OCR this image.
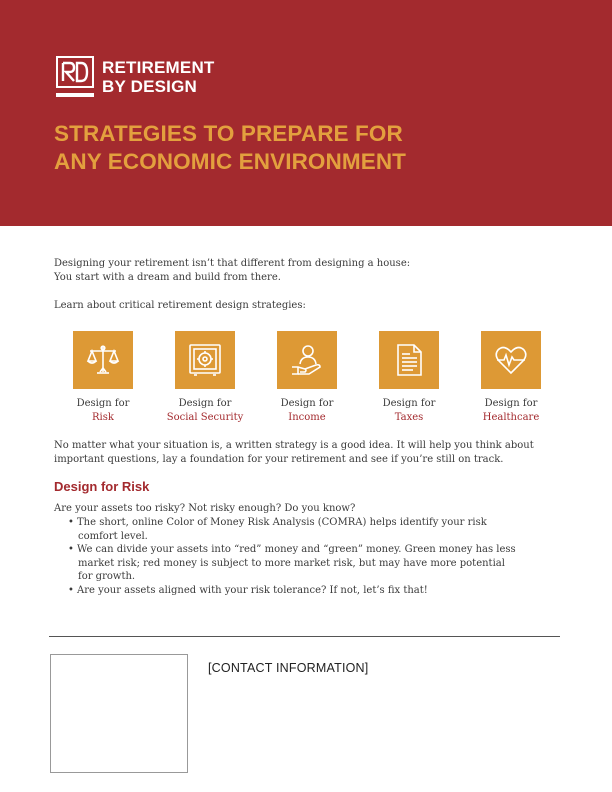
RETIREMENT
BY DESIGN
STRATEGIES TO PREPARE FOR
ANY ECONOMIC ENVIRONMENT
Designing your retirement isn’t that different from designing a house:
You start with a dream and build from there.
Learn about critical retirement design strategies:
Design for
Risk
Design for
Social Security
Design for
Income
Design for
Taxes
Design for
Healthcare
No matter what your situation is, a written strategy is a good idea. It will help you think about
important questions, lay a foundation for your retirement and see if you’re still on track.
Design for Risk
Are your assets too risky? Not risky enough? Do you know?
• The short, online Color of Money Risk Analysis (COMRA) helps identify your risk
comfort level.
• We can divide your assets into “red” money and “green” money. Green money has less
market risk; red money is subject to more market risk, but may have more potential
for growth.
• Are your assets aligned with your risk tolerance? If not, let’s fix that!
[CONTACT INFORMATION]
